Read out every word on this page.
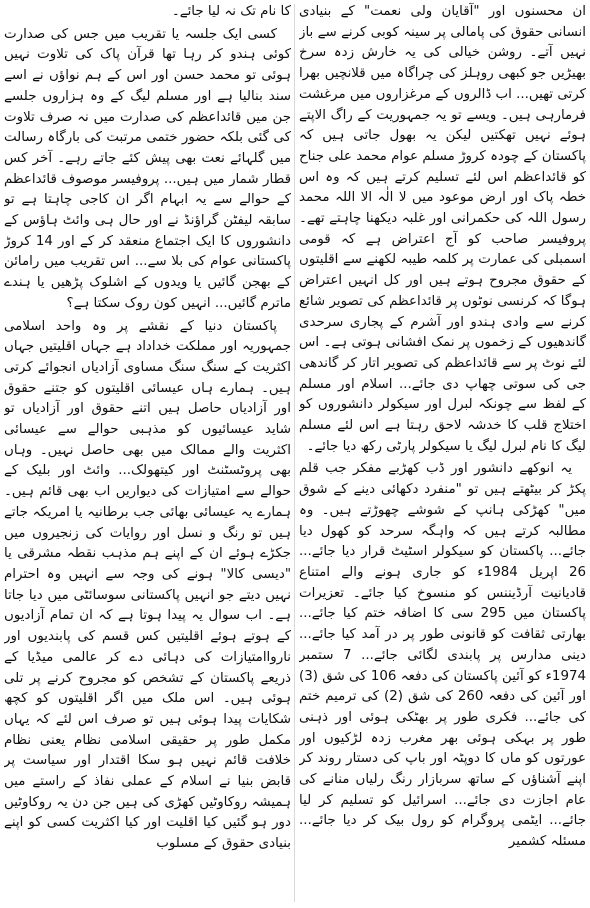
ان محسنوں اور "آقایان ولی نعمت" کے بنیادی انسانی حقوق کی پامالی پر سینہ کوبی کرنے سے باز نہیں آتے۔ روشن خیالی کی یہ خارش زدہ سرخ بھیڑیں جو کبھی روہلز کی چراگاہ میں قلانچیں بھرا کرتی تھیں... اب ڈالروں کے مرغزاروں میں مرغشت فرمارہی ہیں۔ ویسے تو یہ جمہوریت کے راگ الاپتے ہوئے نہیں تھکتیں لیکن یہ بھول جاتی ہیں کہ پاکستان کے چودہ کروڑ مسلم عوام محمد علی جناح کو قائداعظم اس لئے تسلیم کرتے ہیں کہ وہ اس خطہ پاک اور ارض موعود میں لا الٰہ الا اللہ محمد رسول اللہ کی حکمرانی اور غلبہ دیکھنا چاہتے تھے۔ پروفیسر صاحب کو آج اعتراض ہے کہ قومی اسمبلی کی عمارت پر کلمہ طیبہ لکھنے سے اقلیتوں کے حقوق مجروح ہوتے ہیں اور کل انہیں اعتراض ہوگا کہ کرنسی نوٹوں پر قائداعظم کی تصویر شائع کرنے سے وادی ہندو اور آشرم کے پجاری سرحدی گاندھیوں کے زخموں پر نمک افشانی ہوتی ہے۔ اس لئے نوٹ پر سے قائداعظم کی تصویر اتار کر گاندھی جی کی سوتی چھاپ دی جائے... اسلام اور مسلم کے لفظ سے چونکہ لبرل اور سیکولر دانشوروں کو اختلاج قلب کا خدشہ لاحق رہتا ہے اس لئے مسلم لیگ کا نام لبرل لیگ یا سیکولر پارٹی رکھ دیا جائے۔

یہ انوکھے دانشور اور ڈب کھڑبے مفکر جب قلم پکڑ کر بیٹھتے ہیں تو "منفرد دکھائی دینے کے شوق میں" کھڑکی ہانپ کے شوشے چھوڑتے ہیں۔ وہ مطالبہ کرتے ہیں کہ واہگہ سرحد کو کھول دیا جائے... پاکستان کو سیکولر اسٹیٹ قرار دیا جائے... 26 اپریل 1984ء کو جاری ہونے والے امتناع قادیانیت آرڈیننس کو منسوخ کیا جائے۔ تعزیرات پاکستان میں 295 سی کا اضافہ ختم کیا جائے... بھارتی ثقافت کو قانونی طور پر در آمد کیا جائے... دینی مدارس پر پابندی لگائی جائے... 7 ستمبر 1974ء کو آئین پاکستان کی دفعہ 106 کی شق (3) اور آئین کی دفعہ 260 کی شق (2) کی ترمیم ختم کی جائے... فکری طور پر بھٹکی ہوئی اور ذہنی طور پر بہکی ہوئی بھر مغرب زدہ لڑکیوں اور عورتوں کو ماں کا دوپٹہ اور باپ کی دستار روند کر اپنے آشناؤں کے ساتھ سربازار رنگ رلیاں منانے کی عام اجازت دی جائے... اسرائیل کو تسلیم کر لیا جائے... ایٹمی پروگرام کو رول بیک کر دیا جائے... مسئلہ کشمیر

کا نام تک نہ لیا جائے۔

کسی ایک جلسہ یا تقریب میں جس کی صدارت کوئی ہندو کر رہا تھا قرآن پاک کی تلاوت نہیں ہوئی تو محمد حسن اور اس کے ہم نواؤں نے اسے سند بنالیا ہے اور مسلم لیگ کے وہ ہزاروں جلسے جن میں قائداعظم کی صدارت میں نہ صرف تلاوت کی گئی بلکہ حضور ختمی مرتبت کی بارگاہ رسالت میں گلہائے نعت بھی پیش کئے جاتے رہے۔ آخر کس قطار شمار میں ہیں... پروفیسر موصوف قائداعظم کے حوالے سے یہ ابہام اگر ان کاجی چاہتا ہے تو سابقہ لیفٹن گراؤنڈ نے اور حال ہی وائٹ ہاؤس کے دانشوروں کا ایک اجتماع منعقد کر کے اور 14 کروڑ پاکستانی عوام کی بلا سے... اس تقریب میں رامائن کے بھجن گائیں یا ویدوں کے اشلوک پڑھیں یا ہندے ماترم گائیں... انہیں کون روک سکتا ہے؟

پاکستان دنیا کے نقشے پر وہ واحد اسلامی جمہوریہ اور مملکت خداداد ہے جہاں اقلیتیں جہاں اکثریت کے سنگ سنگ مساوی آزادیاں انجوائے کرتی ہیں۔ ہمارے ہاں عیسائی اقلیتوں کو جتنے حقوق اور آزادیاں حاصل ہیں اتنے حقوق اور آزادیاں تو شاید عیسائیوں کو مذہبی حوالے سے عیسائی اکثریت والے ممالک میں بھی حاصل نہیں۔ وہاں بھی پروٹسٹنٹ اور کیتھولک... وائٹ اور بلیک کے حوالے سے امتیازات کی دیواریں اب بھی قائم ہیں۔ ہمارے یہ عیسائی بھائی جب برطانیہ یا امریکہ جاتے ہیں تو رنگ و نسل اور روایات کی زنجیروں میں جکڑے ہوئے ان کے اپنے ہم مذہب نقطہ مشرقی یا "دیسی کالا" ہونے کی وجہ سے انہیں وہ احترام نہیں دیتے جو انہیں پاکستانی سوسائٹی میں دیا جاتا ہے۔ اب سوال یہ پیدا ہوتا ہے کہ ان تمام آزادیوں کے ہوتے ہوئے اقلیتیں کس قسم کی پابندیوں اور نارواامتیازات کی دہائی دے کر عالمی میڈیا کے ذریعے پاکستان کے تشخص کو مجروح کرنے پر تلی ہوئی ہیں۔ اس ملک میں اگر اقلیتوں کو کچھ شکایات پیدا ہوئی ہیں تو صرف اس لئے کہ یہاں مکمل طور پر حقیقی اسلامی نظام یعنی نظام خلافت قائم نہیں ہو سکا اقتدار اور سیاست پر قابض بنیا نے اسلام کے عملی نفاذ کے راستے میں ہمیشہ روکاوٹیں کھڑی کی ہیں جن دن یہ روکاوٹیں دور ہو گئیں کیا اقلیت اور کیا اکثریت کسی کو اپنے بنیادی حقوق کے مسلوب
